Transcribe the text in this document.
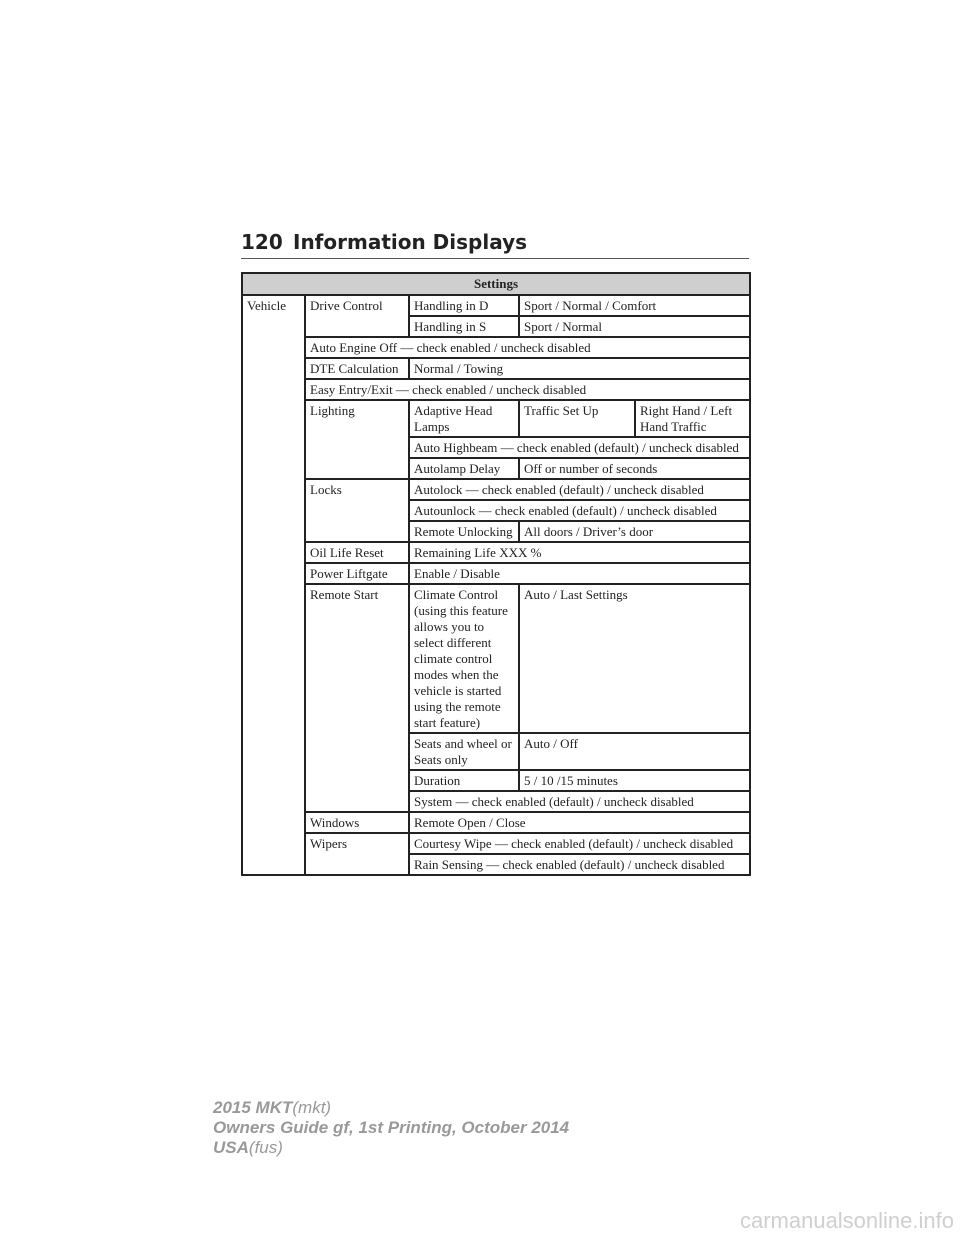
120 Information Displays
Settings				
Vehicle	Drive Control	Handling in D	Sport / Normal / Comfort	
		Handling in S	Sport / Normal	
	Auto Engine Off — check enabled / uncheck disabled			
	DTE Calculation	Normal / Towing		
	Easy Entry/Exit — check enabled / uncheck disabled			
	Lighting	Adaptive Head Lamps	Traffic Set Up	Right Hand / Left Hand Traffic
		Auto Highbeam — check enabled (default) / uncheck disabled		
		Autolamp Delay	Off or number of seconds	
	Locks	Autolock — check enabled (default) / uncheck disabled		
		Autounlock — check enabled (default) / uncheck disabled		
		Remote Unlocking	All doors / Driver’s door	
	Oil Life Reset	Remaining Life XXX %		
	Power Liftgate	Enable / Disable		
	Remote Start	Climate Control (using this feature allows you to select different climate control modes when the vehicle is started using the remote start feature)	Auto / Last Settings	
		Seats and wheel or Seats only	Auto / Off	
		Duration	5 / 10 /15 minutes	
		System — check enabled (default) / uncheck disabled		
	Windows	Remote Open / Close		
	Wipers	Courtesy Wipe — check enabled (default) / uncheck disabled		
		Rain Sensing — check enabled (default) / uncheck disabled		
2015 MKT(mkt)
Owners Guide gf, 1st Printing, October 2014
USA(fus)
carmanualsonline.info
